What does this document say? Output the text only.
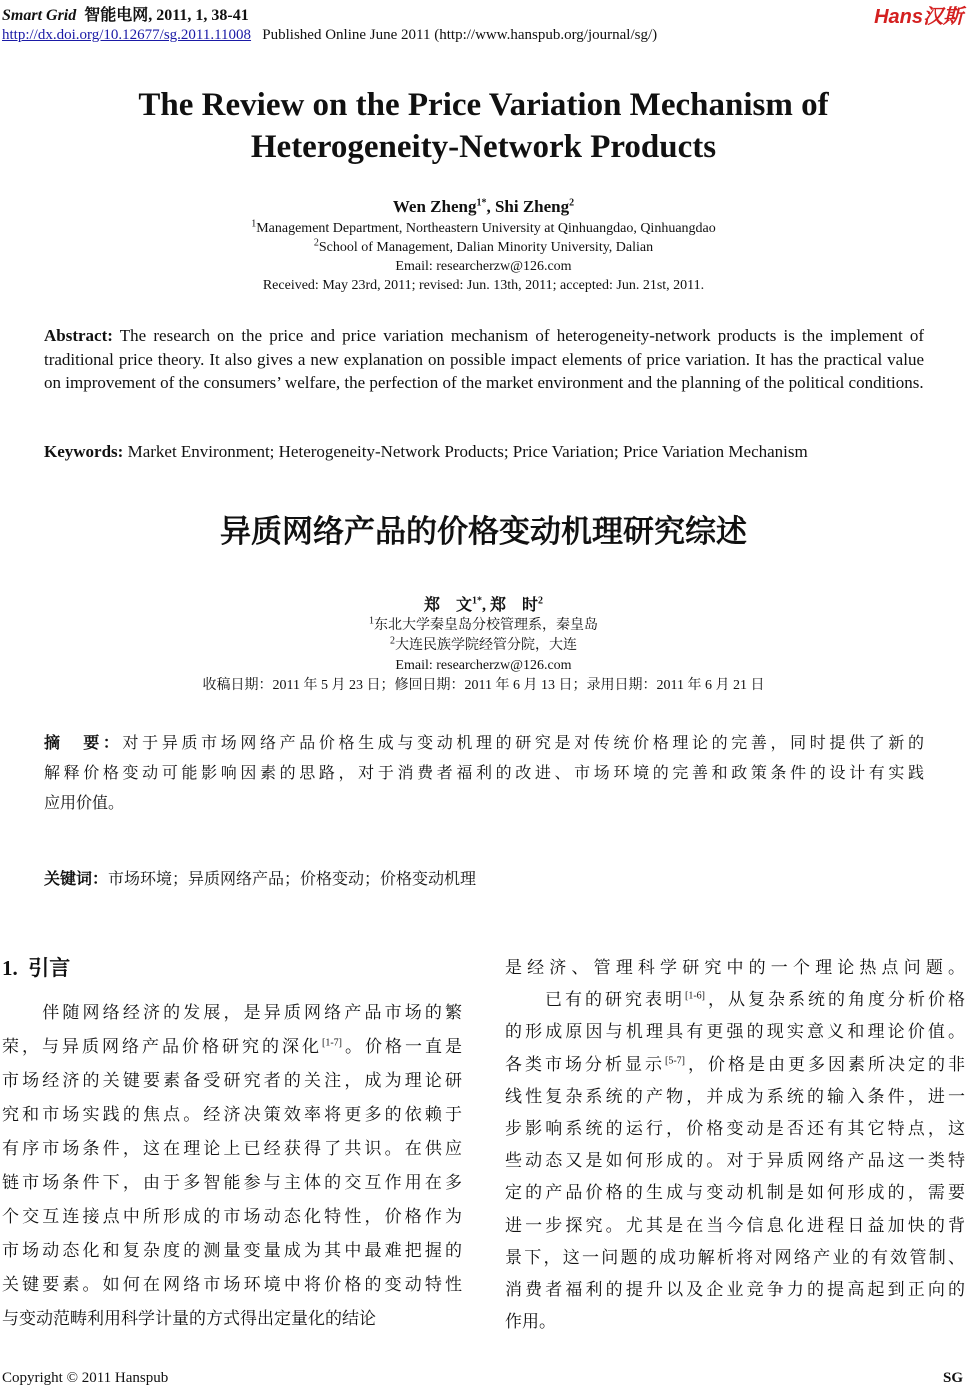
Smart Grid 智能电网, 2011, 1, 38-41
http://dx.doi.org/10.12677/sg.2011.11008 Published Online June 2011 (http://www.hanspub.org/journal/sg/)
Hans汉斯
The Review on the Price Variation Mechanism of
Heterogeneity-Network Products
Wen Zheng$^{1*}$, Shi Zheng$^2$
$^1$Management Department, Northeastern University at Qinhuangdao, Qinhuangdao
$^2$School of Management, Dalian Minority University, Dalian
Email: researcherzw@126.com
Received: May 23rd, 2011; revised: Jun. 13th, 2011; accepted: Jun. 21st, 2011.
Abstract: The research on the price and price variation mechanism of heterogeneity-network products is the implement of traditional price theory. It also gives a new explanation on possible impact elements of price variation. It has the practical value on improvement of the consumers’ welfare, the perfection of the market environment and the planning of the political conditions.
Keywords: Market Environment; Heterogeneity-Network Products; Price Variation; Price Variation Mechanism
异质网络产品的价格变动机理研究综述
郑　文$^{1*}$, 郑　时$^2$
$^1$东北大学秦皇岛分校管理系，秦皇岛
$^2$大连民族学院经管分院，大连
Email: researcherzw@126.com
收稿日期：2011 年 5 月 23 日；修回日期：2011 年 6 月 13 日；录用日期：2011 年 6 月 21 日
摘　要：对于异质市场网络产品价格生成与变动机理的研究是对传统价格理论的完善，同时提供了新的
解释价格变动可能影响因素的思路，对于消费者福利的改进、市场环境的完善和政策条件的设计有实践
应用价值。
关键词：市场环境；异质网络产品；价格变动；价格变动机理
1. 引言
　　伴随网络经济的发展，是异质网络产品市场的繁
荣，与异质网络产品价格研究的深化[1-7]。价格一直是
市场经济的关键要素备受研究者的关注，成为理论研
究和市场实践的焦点。经济决策效率将更多的依赖于
有序市场条件，这在理论上已经获得了共识。在供应
链市场条件下，由于多智能参与主体的交互作用在多
个交互连接点中所形成的市场动态化特性，价格作为
市场动态化和复杂度的测量变量成为其中最难把握的
关键要素。如何在网络市场环境中将价格的变动特性
与变动范畴利用科学计量的方式得出定量化的结论
是经济、管理科学研究中的一个理论热点问题。
　　已有的研究表明[1-6]，从复杂系统的角度分析价格
的形成原因与机理具有更强的现实意义和理论价值。
各类市场分析显示[5-7]，价格是由更多因素所决定的非
线性复杂系统的产物，并成为系统的输入条件，进一
步影响系统的运行，价格变动是否还有其它特点，这
些动态又是如何形成的。对于异质网络产品这一类特
定的产品价格的生成与变动机制是如何形成的，需要
进一步探究。尤其是在当今信息化进程日益加快的背
景下，这一问题的成功解析将对网络产业的有效管制、
消费者福利的提升以及企业竞争力的提高起到正向的
作用。
Copyright © 2011 Hanspub	SG
